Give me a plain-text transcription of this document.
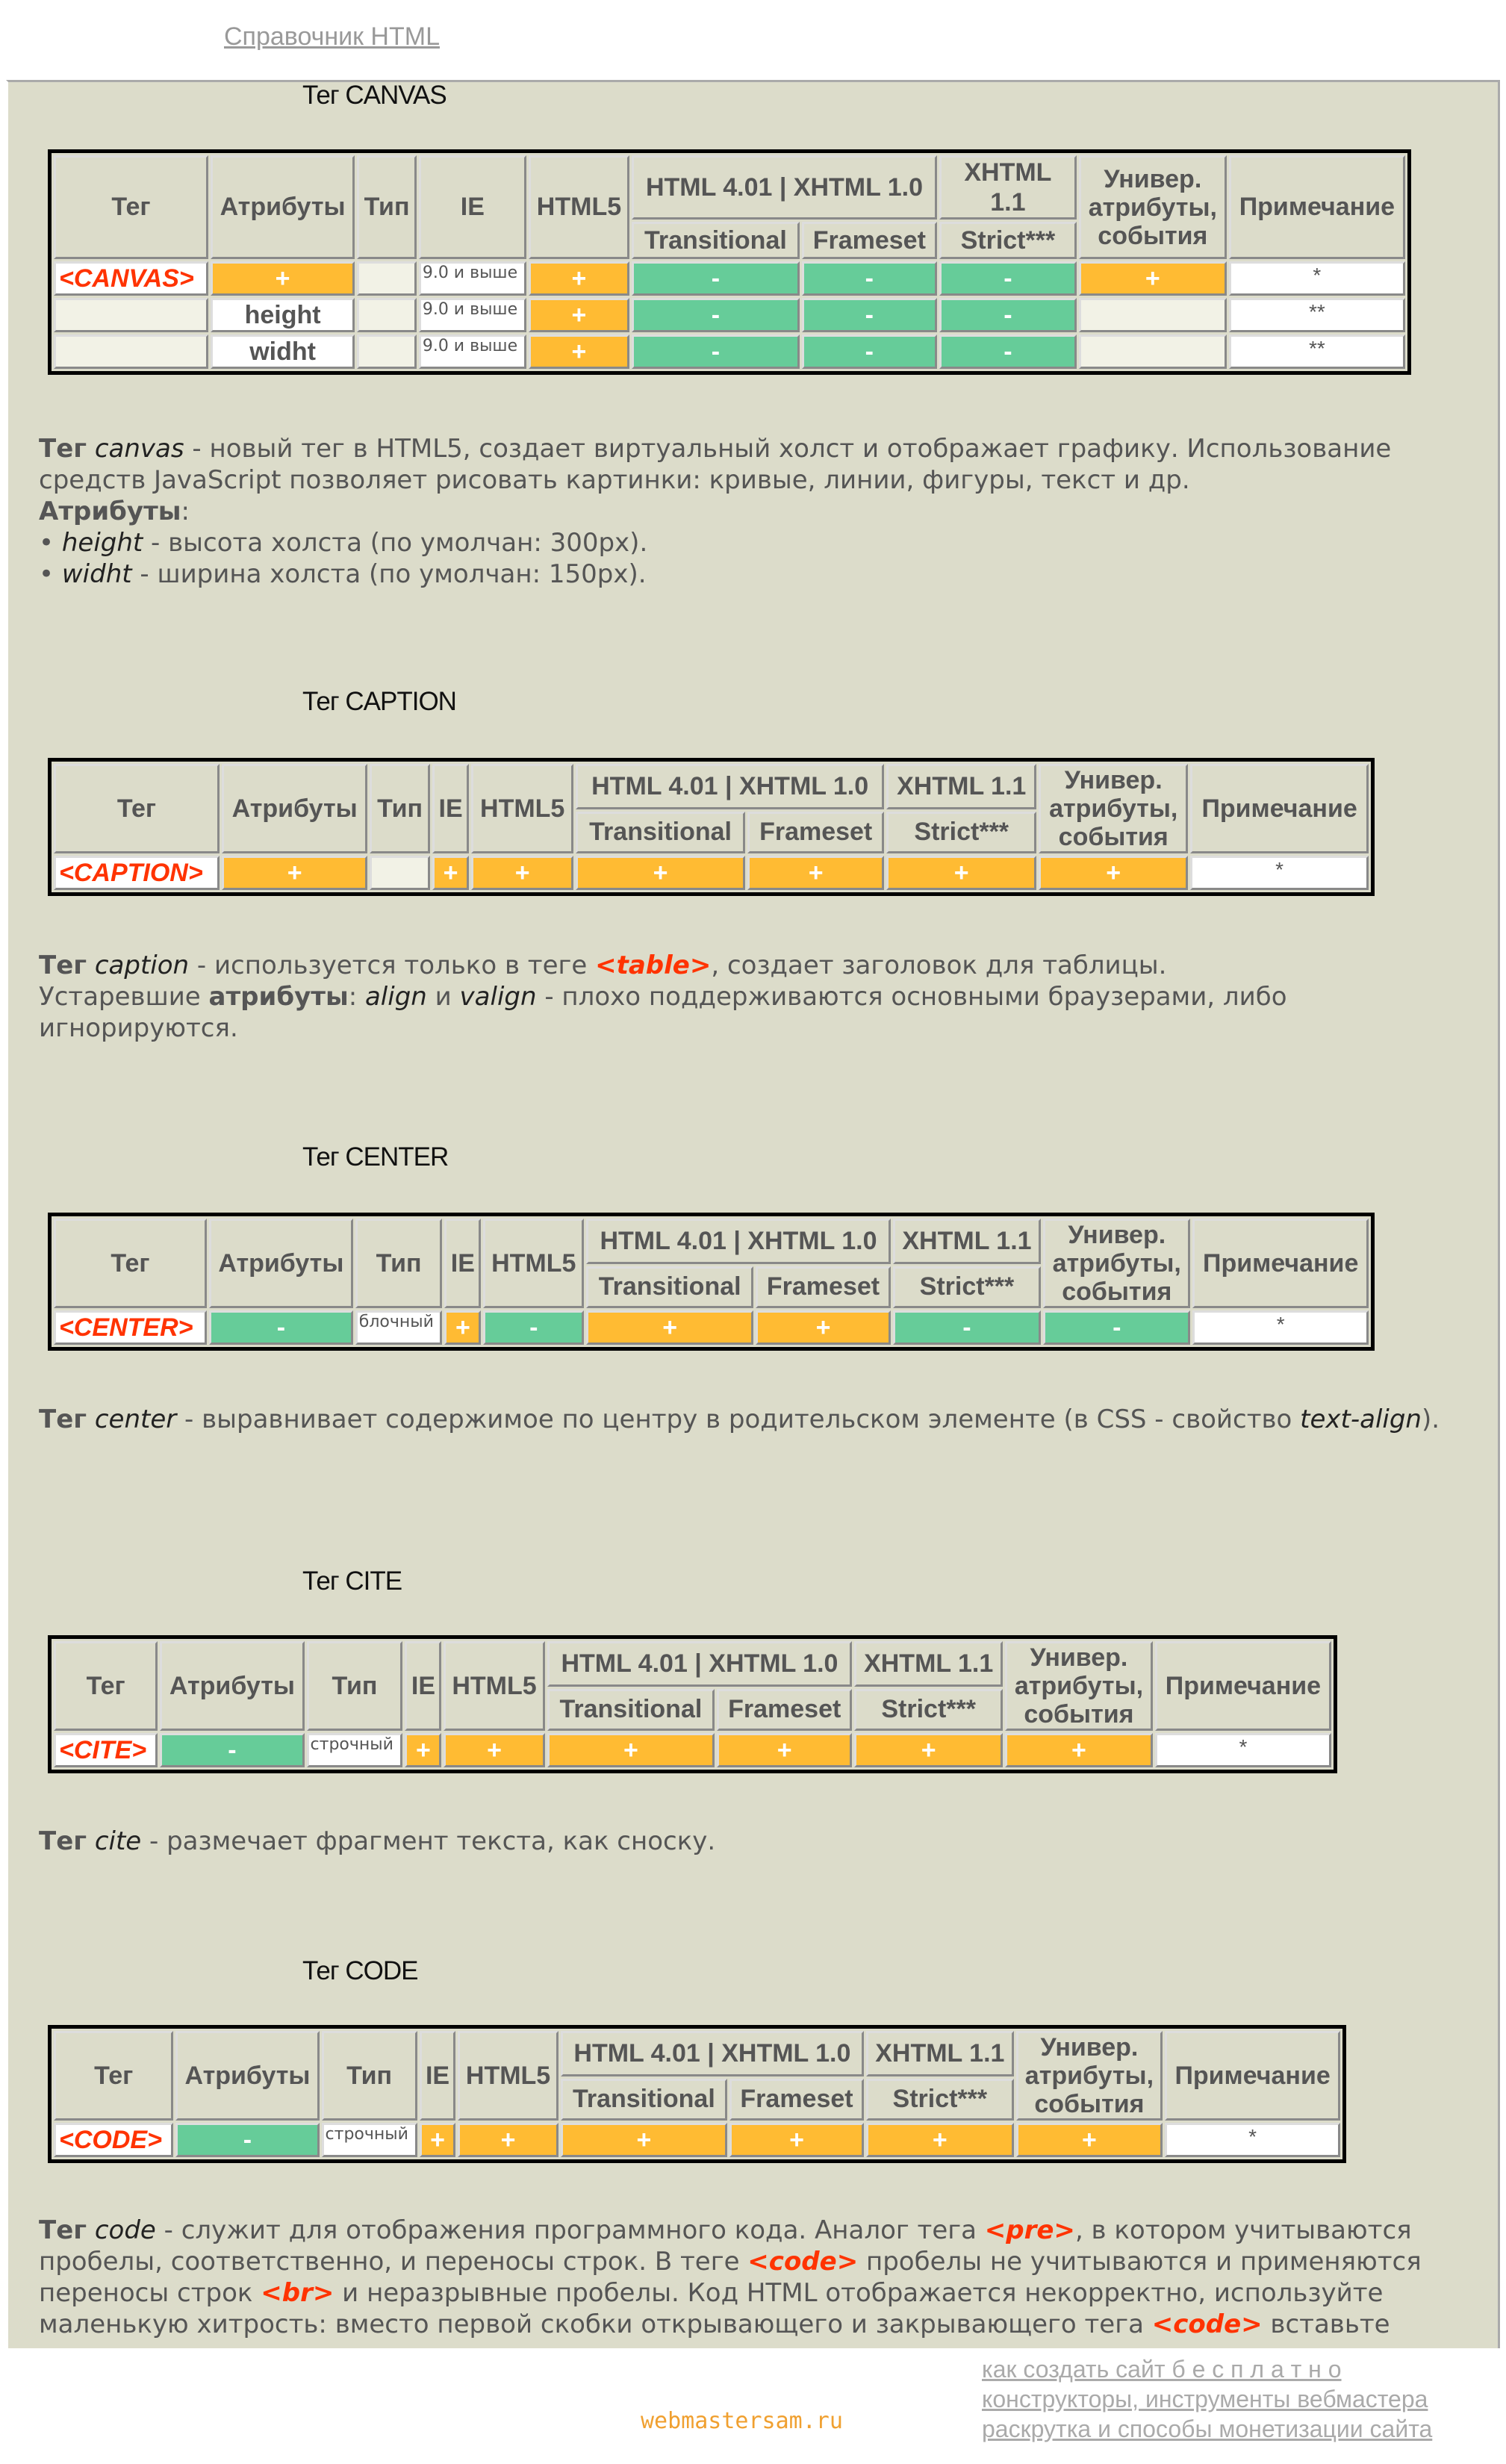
Справочник HTML
Тег CANVAS
Тег	Атрибуты	Тип	IE	HTML5	HTML 4.01 | XHTML 1.0		XHTML 1.1	Универ.
атрибуты,
события	Примечание
					Transitional	Frameset	Strict***		
<CANVAS>	+		9.0 и выше	+	-	-	-	+	*
	height		9.0 и выше	+	-	-	-		**
	widht		9.0 и выше	+	-	-	-		**
Тег canvas - новый тег в HTML5, создает виртуальный холст и отображает графику. Использование средств JavaScript позволяет рисовать картинки: кривые, линии, фигуры, текст и др.
Атрибуты:
• height - высота холста (по умолчан: 300px).
• widht - ширина холста (по умолчан: 150px).
Тег CAPTION
Тег	Атрибуты	Тип	IE	HTML5	HTML 4.01 | XHTML 1.0		XHTML 1.1	Универ.
атрибуты,
события	Примечание
					Transitional	Frameset	Strict***		
<CAPTION>	+		+	+	+	+	+	+	*
Тег caption - используется только в теге <table>, создает заголовок для таблицы.
Устаревшие атрибуты: align и valign - плохо поддерживаются основными браузерами, либо игнорируются.
Тег CENTER
Тег	Атрибуты	Тип	IE	HTML5	HTML 4.01 | XHTML 1.0		XHTML 1.1	Универ.
атрибуты,
события	Примечание
					Transitional	Frameset	Strict***		
<CENTER>	-	блочный	+	-	+	+	-	-	*
Тег center - выравнивает содержимое по центру в родительском элементе (в CSS - свойство text-align).
Тег CITE
Тег	Атрибуты	Тип	IE	HTML5	HTML 4.01 | XHTML 1.0		XHTML 1.1	Универ.
атрибуты,
события	Примечание
					Transitional	Frameset	Strict***		
<CITE>	-	строчный	+	+	+	+	+	+	*
Тег cite - размечает фрагмент текста, как сноску.
Тег CODE
Тег	Атрибуты	Тип	IE	HTML5	HTML 4.01 | XHTML 1.0		XHTML 1.1	Универ.
атрибуты,
события	Примечание
					Transitional	Frameset	Strict***		
<CODE>	-	строчный	+	+	+	+	+	+	*
Тег code - служит для отображения программного кода. Аналог тега <pre>, в котором учитываются пробелы, соответственно, и переносы строк. В теге <code> пробелы не учитываются и применяются переносы строк <br> и неразрывные пробелы. Код HTML отображается некорректно, используйте маленькую хитрость: вместо первой скобки открывающего и закрывающего тега <code> вставьте
webmastersam.ru
как создать сайт б е с п л а т н о
конструкторы, инструменты вебмастера
раскрутка и способы монетизации сайта
